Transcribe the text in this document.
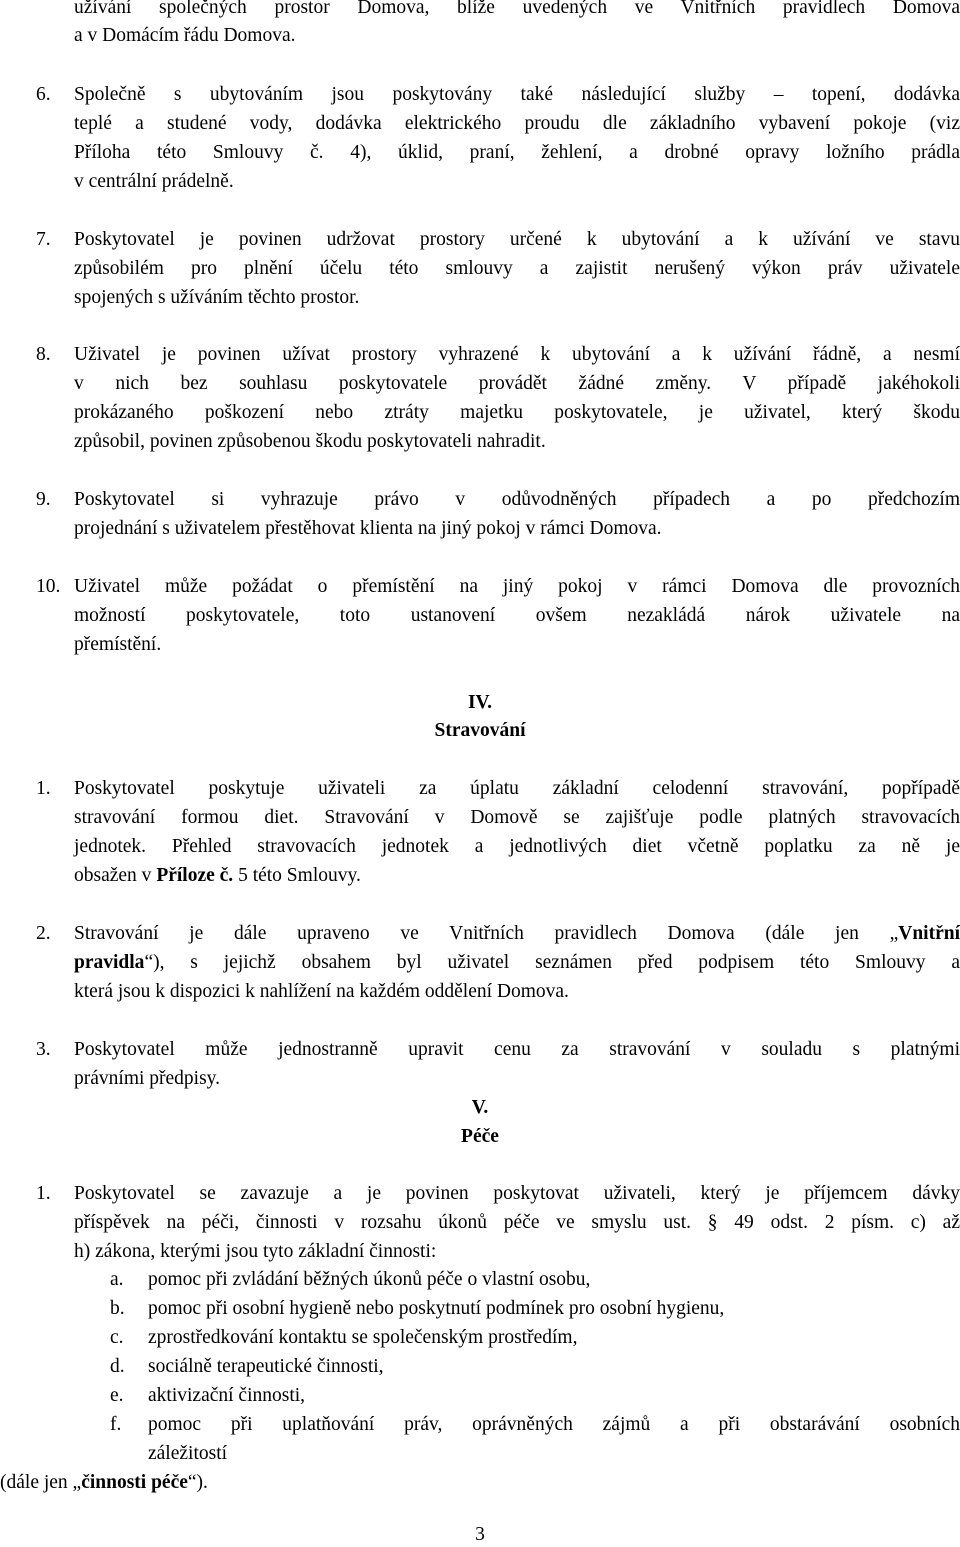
užívání společných prostor Domova, blíže uvedených ve Vnitřních pravidlech Domova
a v Domácím řádu Domova.
6. Společně s ubytováním jsou poskytovány také následující služby – topení, dodávka
teplé a studené vody, dodávka elektrického proudu dle základního vybavení pokoje (viz
Příloha této Smlouvy č. 4), úklid, praní, žehlení, a drobné opravy ložního prádla
v centrální prádelně.
7. Poskytovatel je povinen udržovat prostory určené k ubytování a k užívání ve stavu
způsobilém pro plnění účelu této smlouvy a zajistit nerušený výkon práv uživatele
spojených s užíváním těchto prostor.
8. Uživatel je povinen užívat prostory vyhrazené k ubytování a k užívání řádně, a nesmí
v nich bez souhlasu poskytovatele provádět žádné změny. V případě jakéhokoli
prokázaného poškození nebo ztráty majetku poskytovatele, je uživatel, který škodu
způsobil, povinen způsobenou škodu poskytovateli nahradit.
9. Poskytovatel si vyhrazuje právo v odůvodněných případech a po předchozím
projednání s uživatelem přestěhovat klienta na jiný pokoj v rámci Domova.
10. Uživatel může požádat o přemístění na jiný pokoj v rámci Domova dle provozních
možností poskytovatele, toto ustanovení ovšem nezakládá nárok uživatele na
přemístění.
IV.
Stravování
1. Poskytovatel poskytuje uživateli za úplatu základní celodenní stravování, popřípadě
stravování formou diet. Stravování v Domově se zajišťuje podle platných stravovacích
jednotek. Přehled stravovacích jednotek a jednotlivých diet včetně poplatku za ně je
obsažen v Příloze č. 5 této Smlouvy.
2. Stravování je dále upraveno ve Vnitřních pravidlech Domova (dále jen „Vnitřní
pravidla“), s jejichž obsahem byl uživatel seznámen před podpisem této Smlouvy a
která jsou k dispozici k nahlížení na každém oddělení Domova.
3. Poskytovatel může jednostranně upravit cenu za stravování v souladu s platnými
právními předpisy.
V.
Péče
1. Poskytovatel se zavazuje a je povinen poskytovat uživateli, který je příjemcem dávky
příspěvek na péči, činnosti v rozsahu úkonů péče ve smyslu ust. § 49 odst. 2 písm. c) až
h) zákona, kterými jsou tyto základní činnosti:
a. pomoc při zvládání běžných úkonů péče o vlastní osobu,
b. pomoc při osobní hygieně nebo poskytnutí podmínek pro osobní hygienu,
c. zprostředkování kontaktu se společenským prostředím,
d. sociálně terapeutické činnosti,
e. aktivizační činnosti,
f. pomoc při uplatňování práv, oprávněných zájmů a při obstarávání osobních
záležitostí
(dále jen „činnosti péče“).
3
